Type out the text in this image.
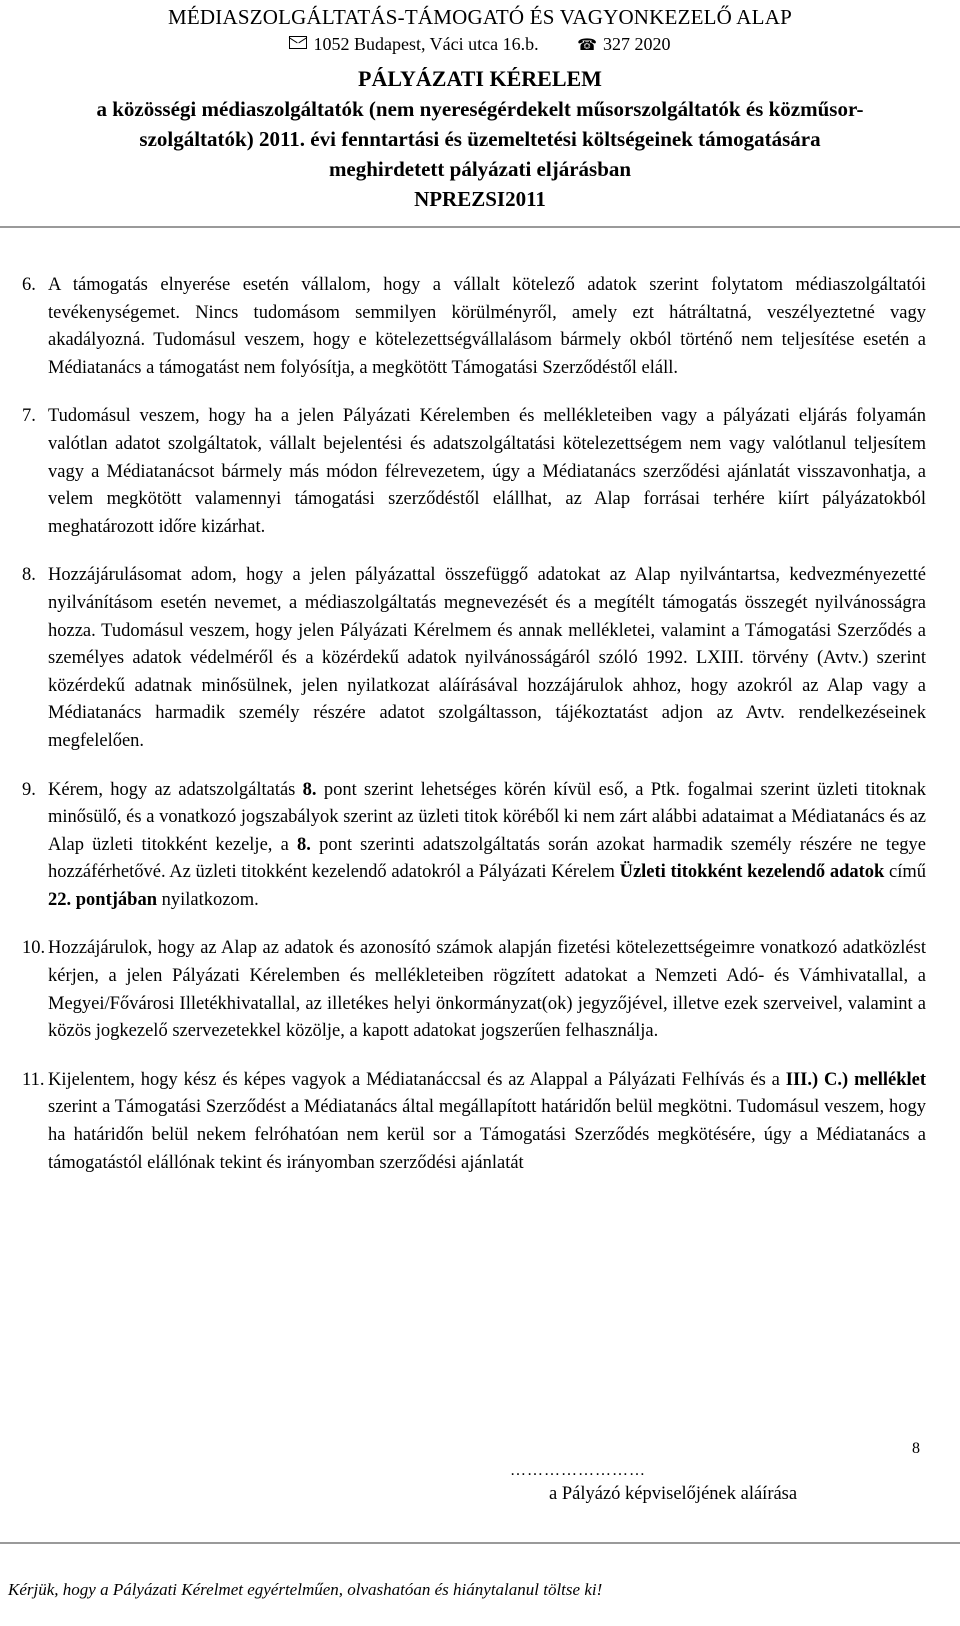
MÉDIASZOLGÁLTATÁS-TÁMOGATÓ ÉS VAGYONKEZELŐ ALAP
1052 Budapest, Váci utca 16.b. ☎ 327 2020
PÁLYÁZATI KÉRELEM
a közösségi médiaszolgáltatók (nem nyereségérdekelt műsorszolgáltatók és közműsor-
szolgáltatók) 2011. évi fenntartási és üzemeltetési költségeinek támogatására
meghirdetett pályázati eljárásban
NPREZSI2011
6. A támogatás elnyerése esetén vállalom, hogy a vállalt kötelező adatok szerint folytatom médiaszolgáltatói tevékenységemet. Nincs tudomásom semmilyen körülményről, amely ezt hátráltatná, veszélyeztetné vagy akadályozná. Tudomásul veszem, hogy e kötelezettségvállalásom bármely okból történő nem teljesítése esetén a Médiatanács a támogatást nem folyósítja, a megkötött Támogatási Szerződéstől eláll.
7. Tudomásul veszem, hogy ha a jelen Pályázati Kérelemben és mellékleteiben vagy a pályázati eljárás folyamán valótlan adatot szolgáltatok, vállalt bejelentési és adatszolgáltatási kötelezettségem nem vagy valótlanul teljesítem vagy a Médiatanácsot bármely más módon félrevezetem, úgy a Médiatanács szerződési ajánlatát visszavonhatja, a velem megkötött valamennyi támogatási szerződéstől elállhat, az Alap forrásai terhére kiírt pályázatokból meghatározott időre kizárhat.
8. Hozzájárulásomat adom, hogy a jelen pályázattal összefüggő adatokat az Alap nyilvántartsa, kedvezményezetté nyilvánításom esetén nevemet, a médiaszolgáltatás megnevezését és a megítélt támogatás összegét nyilvánosságra hozza. Tudomásul veszem, hogy jelen Pályázati Kérelmem és annak mellékletei, valamint a Támogatási Szerződés a személyes adatok védelméről és a közérdekű adatok nyilvánosságáról szóló 1992. LXIII. törvény (Avtv.) szerint közérdekű adatnak minősülnek, jelen nyilatkozat aláírásával hozzájárulok ahhoz, hogy azokról az Alap vagy a Médiatanács harmadik személy részére adatot szolgáltasson, tájékoztatást adjon az Avtv. rendelkezéseinek megfelelően.
9. Kérem, hogy az adatszolgáltatás 8. pont szerint lehetséges körén kívül eső, a Ptk. fogalmai szerint üzleti titoknak minősülő, és a vonatkozó jogszabályok szerint az üzleti titok köréből ki nem zárt alábbi adataimat a Médiatanács és az Alap üzleti titokként kezelje, a 8. pont szerinti adatszolgáltatás során azokat harmadik személy részére ne tegye hozzáférhetővé. Az üzleti titokként kezelendő adatokról a Pályázati Kérelem Üzleti titokként kezelendő adatok című 22. pontjában nyilatkozom.
10. Hozzájárulok, hogy az Alap az adatok és azonosító számok alapján fizetési kötelezettségeimre vonatkozó adatközlést kérjen, a jelen Pályázati Kérelemben és mellékleteiben rögzített adatokat a Nemzeti Adó- és Vámhivatallal, a Megyei/Fővárosi Illetékhivatallal, az illetékes helyi önkormányzat(ok) jegyzőjével, illetve ezek szerveivel, valamint a közös jogkezelő szervezetekkel közölje, a kapott adatokat jogszerűen felhasználja.
11. Kijelentem, hogy kész és képes vagyok a Médiatanáccsal és az Alappal a Pályázati Felhívás és a III.) C.) melléklet szerint a Támogatási Szerződést a Médiatanács által megállapított határidőn belül megkötni. Tudomásul veszem, hogy ha határidőn belül nekem felróhatóan nem kerül sor a Támogatási Szerződés megkötésére, úgy a Médiatanács a támogatástól elállónak tekint és irányomban szerződési ajánlatát
8
……………………
a Pályázó képviselőjének aláírása
Kérjük, hogy a Pályázati Kérelmet egyértelműen, olvashatóan és hiánytalanul töltse ki!
